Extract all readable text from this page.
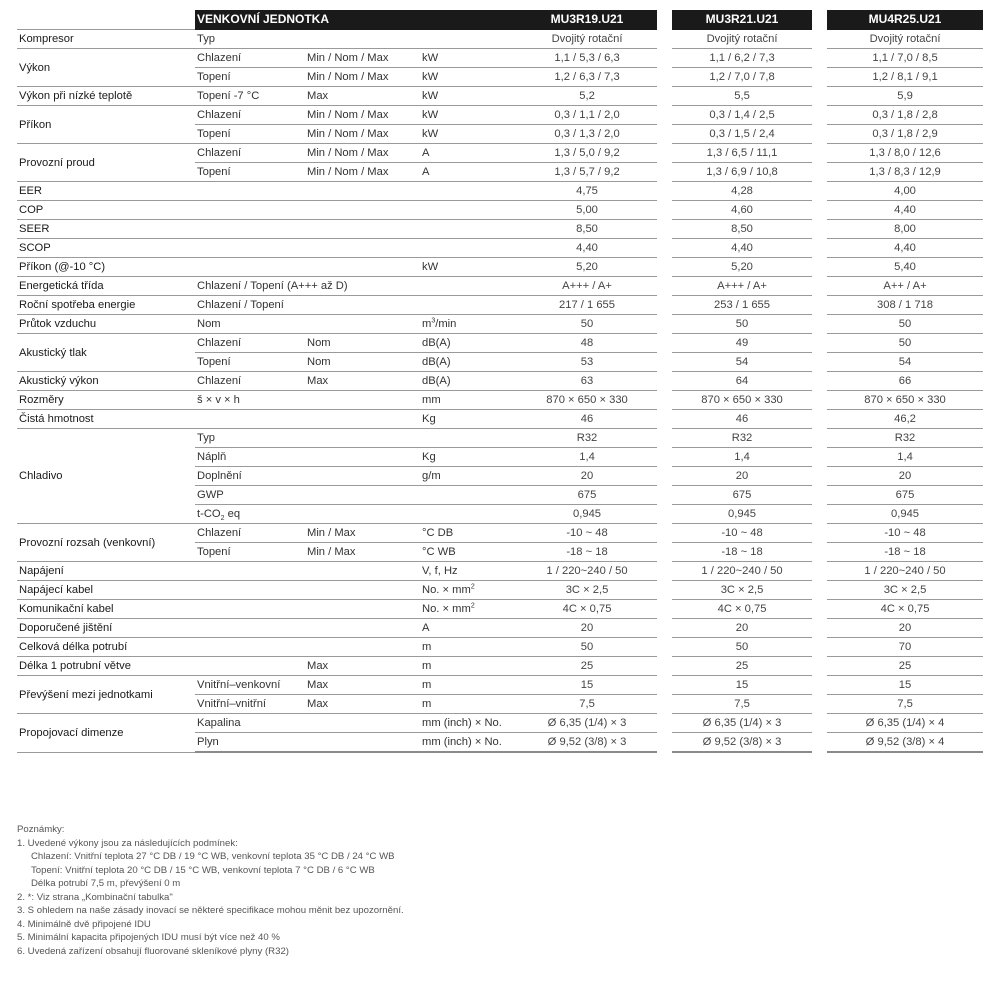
	VENKOVNÍ JEDNOTKA			MU3R19.U21		MU3R21.U21		MU4R25.U21
Kompresor	Typ			Dvojitý rotační		Dvojitý rotační		Dvojitý rotační
Výkon	Chlazení	Min / Nom / Max	kW	1,1 / 5,3 / 6,3		1,1 / 6,2 / 7,3		1,1 / 7,0 / 8,5
	Topení	Min / Nom / Max	kW	1,2 / 6,3 / 7,3		1,2 / 7,0 / 7,8		1,2 / 8,1 / 9,1
Výkon při nízké teplotě	Topení -7 °C	Max	kW	5,2		5,5		5,9
Příkon	Chlazení	Min / Nom / Max	kW	0,3 / 1,1 / 2,0		0,3 / 1,4 / 2,5		0,3 / 1,8 / 2,8
	Topení	Min / Nom / Max	kW	0,3 / 1,3 / 2,0		0,3 / 1,5 / 2,4		0,3 / 1,8 / 2,9
Provozní proud	Chlazení	Min / Nom / Max	A	1,3 / 5,0 / 9,2		1,3 / 6,5 / 11,1		1,3 / 8,0 / 12,6
	Topení	Min / Nom / Max	A	1,3 / 5,7 / 9,2		1,3 / 6,9 / 10,8		1,3 / 8,3 / 12,9
EER				4,75		4,28		4,00
COP				5,00		4,60		4,40
SEER				8,50		8,50		8,00
SCOP				4,40		4,40		4,40
Příkon (@-10 °C)			kW	5,20		5,20		5,40
Energetická třída	Chlazení / Topení (A+++ až D)			A+++ / A+		A+++ / A+		A++ / A+
Roční spotřeba energie	Chlazení / Topení			217 / 1 655		253 / 1 655		308 / 1 718
Průtok vzduchu	Nom		$m^3/\min$	50		50		50
Akustický tlak	Chlazení	Nom	dB(A)	48		49		50
	Topení	Nom	dB(A)	53		54		54
Akustický výkon	Chlazení	Max	dB(A)	63		64		66
Rozměry	š × v × h		mm	870 × 650 × 330		870 × 650 × 330		870 × 650 × 330
Čistá hmotnost			Kg	46		46		46,2
Chladivo	Typ			R32		R32		R32
	Náplň		Kg	1,4		1,4		1,4
	Doplnění		g/m	20		20		20
	GWP			675		675		675
	$t-CO_2$ eq			0,945		0,945		0,945
Provozní rozsah (venkovní)	Chlazení	Min / Max	°C DB	-10 ~ 48		-10 ~ 48		-10 ~ 48
	Topení	Min / Max	°C WB	-18 ~ 18		-18 ~ 18		-18 ~ 18
Napájení			V, f, Hz	1 / 220~240 / 50		1 / 220~240 / 50		1 / 220~240 / 50
Napájecí kabel			No. × $mm^2$	3C × 2,5		3C × 2,5		3C × 2,5
Komunikační kabel			No. × $mm^2$	4C × 0,75		4C × 0,75		4C × 0,75
Doporučené jištění			A	20		20		20
Celková délka potrubí			m	50		50		70
Délka 1 potrubní větve		Max	m	25		25		25
Převýšení mezi jednotkami	Vnitřní–venkovní	Max	m	15		15		15
	Vnitřní–vnitřní	Max	m	7,5		7,5		7,5
Propojovací dimenze	Kapalina		mm (inch) × No.	Ø 6,35 (1/4) × 3		Ø 6,35 (1/4) × 3		Ø 6,35 (1/4) × 4
	Plyn		mm (inch) × No.	Ø 9,52 (3/8) × 3		Ø 9,52 (3/8) × 3		Ø 9,52 (3/8) × 4
Poznámky:
1. Uvedené výkony jsou za následujících podmínek:
Chlazení: Vnitřní teplota 27 °C DB / 19 °C WB, venkovní teplota 35 °C DB / 24 °C WB
Topení: Vnitřní teplota 20 °C DB / 15 °C WB, venkovní teplota 7 °C DB / 6 °C WB
Délka potrubí 7,5 m, převýšení 0 m
2. *: Viz strana „Kombinační tabulka"
3. S ohledem na naše zásady inovací se některé specifikace mohou měnit bez upozornění.
4. Minimálně dvě připojené IDU
5. Minimální kapacita připojených IDU musí být více než 40 %
6. Uvedená zařízení obsahují fluorované skleníkové plyny (R32)
